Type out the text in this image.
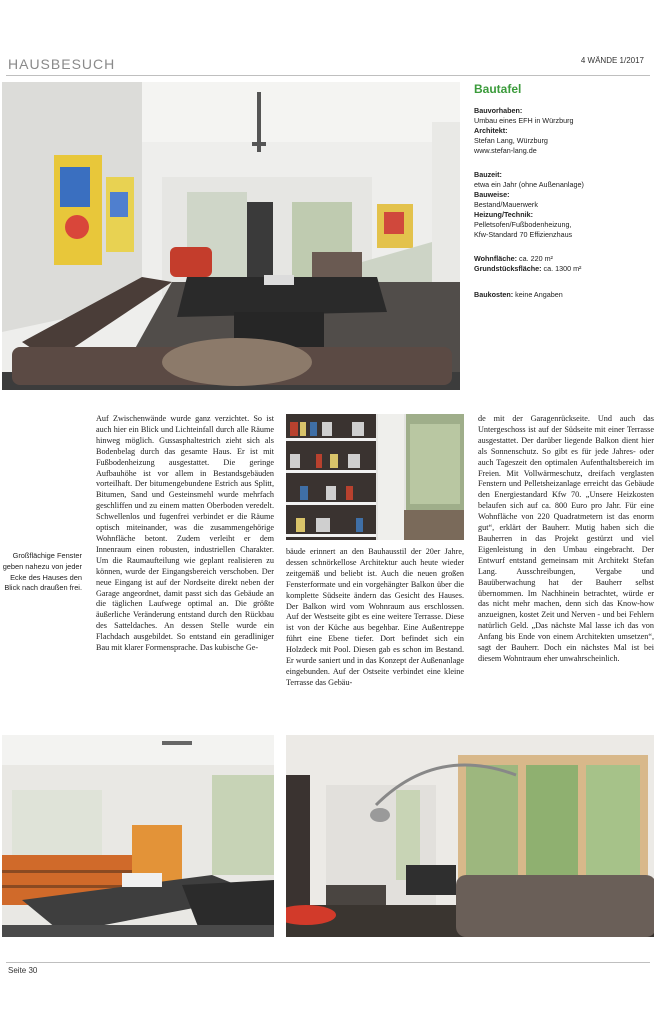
HAUSBESUCH	4 WÄNDE 1/2017
Bautafel
Bauvorhaben:
Umbau eines EFH in Würzburg
Architekt:
Stefan Lang, Würzburg
www.stefan-lang.de
Bauzeit:
etwa ein Jahr (ohne Außenanlage)
Bauweise:
Bestand/Mauerwerk
Heizung/Technik:
Pelletsofen/Fußbodenheizung,
Kfw-Standard 70 Effizienzhaus
Wohnfläche: ca. 220 m²
Grundstücksfläche: ca. 1300 m²
Baukosten: keine Angaben
Großflächige Fenster geben nahezu von jeder Ecke des Hauses den Blick nach draußen frei.

Auf Zwischenwände wurde ganz verzichtet. So ist auch hier ein Blick und Lichteinfall durch alle Räume hinweg möglich. Gussasphaltestrich zieht sich als Bodenbelag durch das gesamte Haus. Er ist mit Fußbodenheizung ausgestattet. Die geringe Aufbauhöhe ist vor allem in Bestandsgebäuden vorteilhaft. Der bitumengebundene Estrich aus Splitt, Bitumen, Sand und Gesteinsmehl wurde mehrfach geschliffen und zu einem matten Oberboden veredelt. Schwellenlos und fugenfrei verbindet er die Räume optisch miteinander, was die zusammengehörige Wohnfläche betont. Zudem verleiht er dem Innenraum einen robusten, industriellen Charakter. Um die Raumaufteilung wie geplant realisieren zu können, wurde der Eingangsbereich verschoben. Der neue Eingang ist auf der Nordseite direkt neben der Garage angeordnet, damit passt sich das Gebäude an die täglichen Laufwege optimal an. Die größte äußerliche Veränderung entstand durch den Rückbau des Satteldaches. An dessen Stelle wurde ein Flachdach ausgebildet. So entstand ein geradliniger Bau mit klarer Formensprache. Das kubische Ge-

bäude erinnert an den Bauhausstil der 20er Jahre, dessen schnörkellose Architektur auch heute wieder zeitgemäß und beliebt ist. Auch die neuen großen Fensterformate und ein vorgehängter Balkon über die komplette Südseite ändern das Gesicht des Hauses. Der Balkon wird vom Wohnraum aus erschlossen. Auf der Westseite gibt es eine weitere Terrasse. Diese ist von der Küche aus begehbar. Eine Außentreppe führt eine Ebene tiefer. Dort befindet sich ein Holzdeck mit Pool. Diesen gab es schon im Bestand. Er wurde saniert und in das Konzept der Außenanlage eingebunden. Auf der Ostseite verbindet eine kleine Terrasse das Gebäu-

de mit der Garagenrückseite. Und auch das Untergeschoss ist auf der Südseite mit einer Terrasse ausgestattet. Der darüber liegende Balkon dient hier als Sonnenschutz. So gibt es für jede Jahres- oder auch Tageszeit den optimalen Aufenthaltsbereich im Freien. Mit Vollwärmeschutz, dreifach verglasten Fenstern und Pelletsheizanlage erreicht das Gebäude den Energiestandard Kfw 70. „Unsere Heizkosten belaufen sich auf ca. 800 Euro pro Jahr. Für eine Wohnfläche von 220 Quadratmetern ist das enorm gut“, erklärt der Bauherr. Mutig haben sich die Bauherren in das Projekt gestürzt und viel Eigenleistung in den Umbau eingebracht. Der Entwurf entstand gemeinsam mit Architekt Stefan Lang. Ausschreibungen, Vergabe und Bauüberwachung hat der Bauherr selbst übernommen. Im Nachhinein betrachtet, würde er das nicht mehr machen, denn sich das Know-how anzueignen, kostet Zeit und Nerven - und bei Fehlern natürlich Geld. „Das nächste Mal lasse ich das von Anfang bis Ende von einem Architekten umsetzen“, sagt der Bauherr. Doch ein nächstes Mal ist bei diesem Wohntraum eher unwahrscheinlich.

Seite 30
